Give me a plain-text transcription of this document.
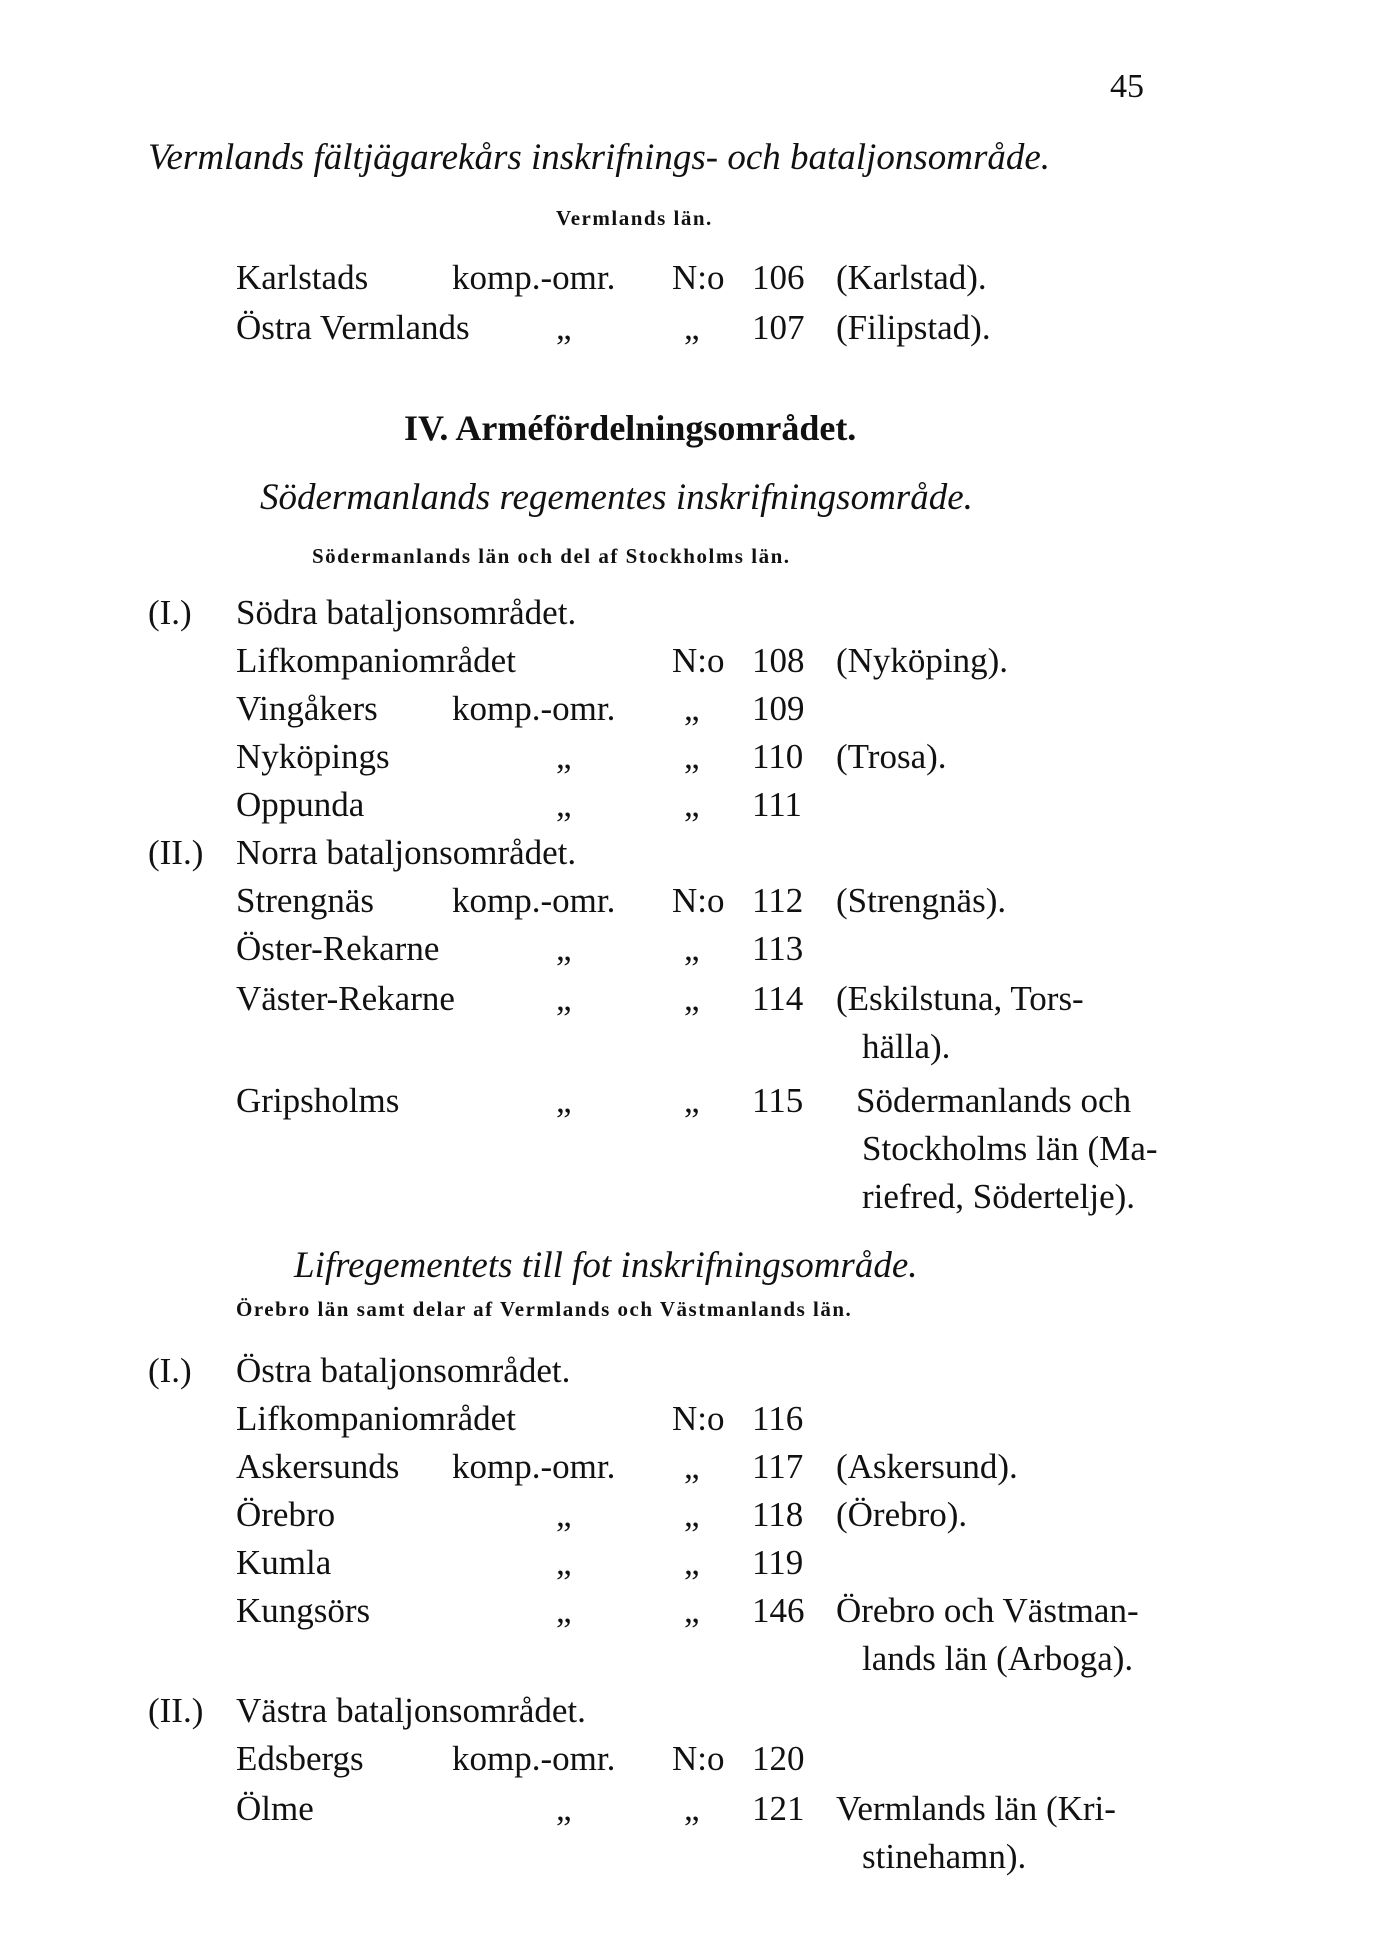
45
Vermlands fältjägarekårs inskrifnings- och bataljonsområde.
Vermlands län.
Karlstads komp.-omr. N:o 106 (Karlstad).
Östra Vermlands „	„ 107 (Filipstad).
IV. Arméfördelningsområdet.
Södermanlands regementes inskrifningsområde.
Södermanlands län och del af Stockholms län.
(I.) Södra bataljonsområdet.
Lifkompaniområdet	N:o 108 (Nyköping).
Vingåkers komp.-omr. „ 109
Nyköpings	„	„ 110 (Trosa).
Oppunda	„	„ 111
(II.) Norra bataljonsområdet.
Strengnäs komp.-omr. N:o 112 (Strengnäs).
Öster-Rekarne	„	„ 113
Väster-Rekarne	„	„ 114 (Eskilstuna, Tors-
hälla).
Gripsholms	„	„ 115 Södermanlands och
Stockholms län (Ma-
riefred, Södertelje).
Lifregementets till fot inskrifningsområde.
Örebro län samt delar af Vermlands och Västmanlands län.
(I.) Östra bataljonsområdet.
Lifkompaniområdet	N:o 116
Askersunds komp.-omr. „ 117 (Askersund).
Örebro	„	„ 118 (Örebro).
Kumla	„	„ 119
Kungsörs	„	„ 146 Örebro och Västman-
lands län (Arboga).
(II.) Västra bataljonsområdet.
Edsbergs	komp.-omr. N:o 120
Ölme	„	„ 121 Vermlands län (Kri-
stinehamn).
